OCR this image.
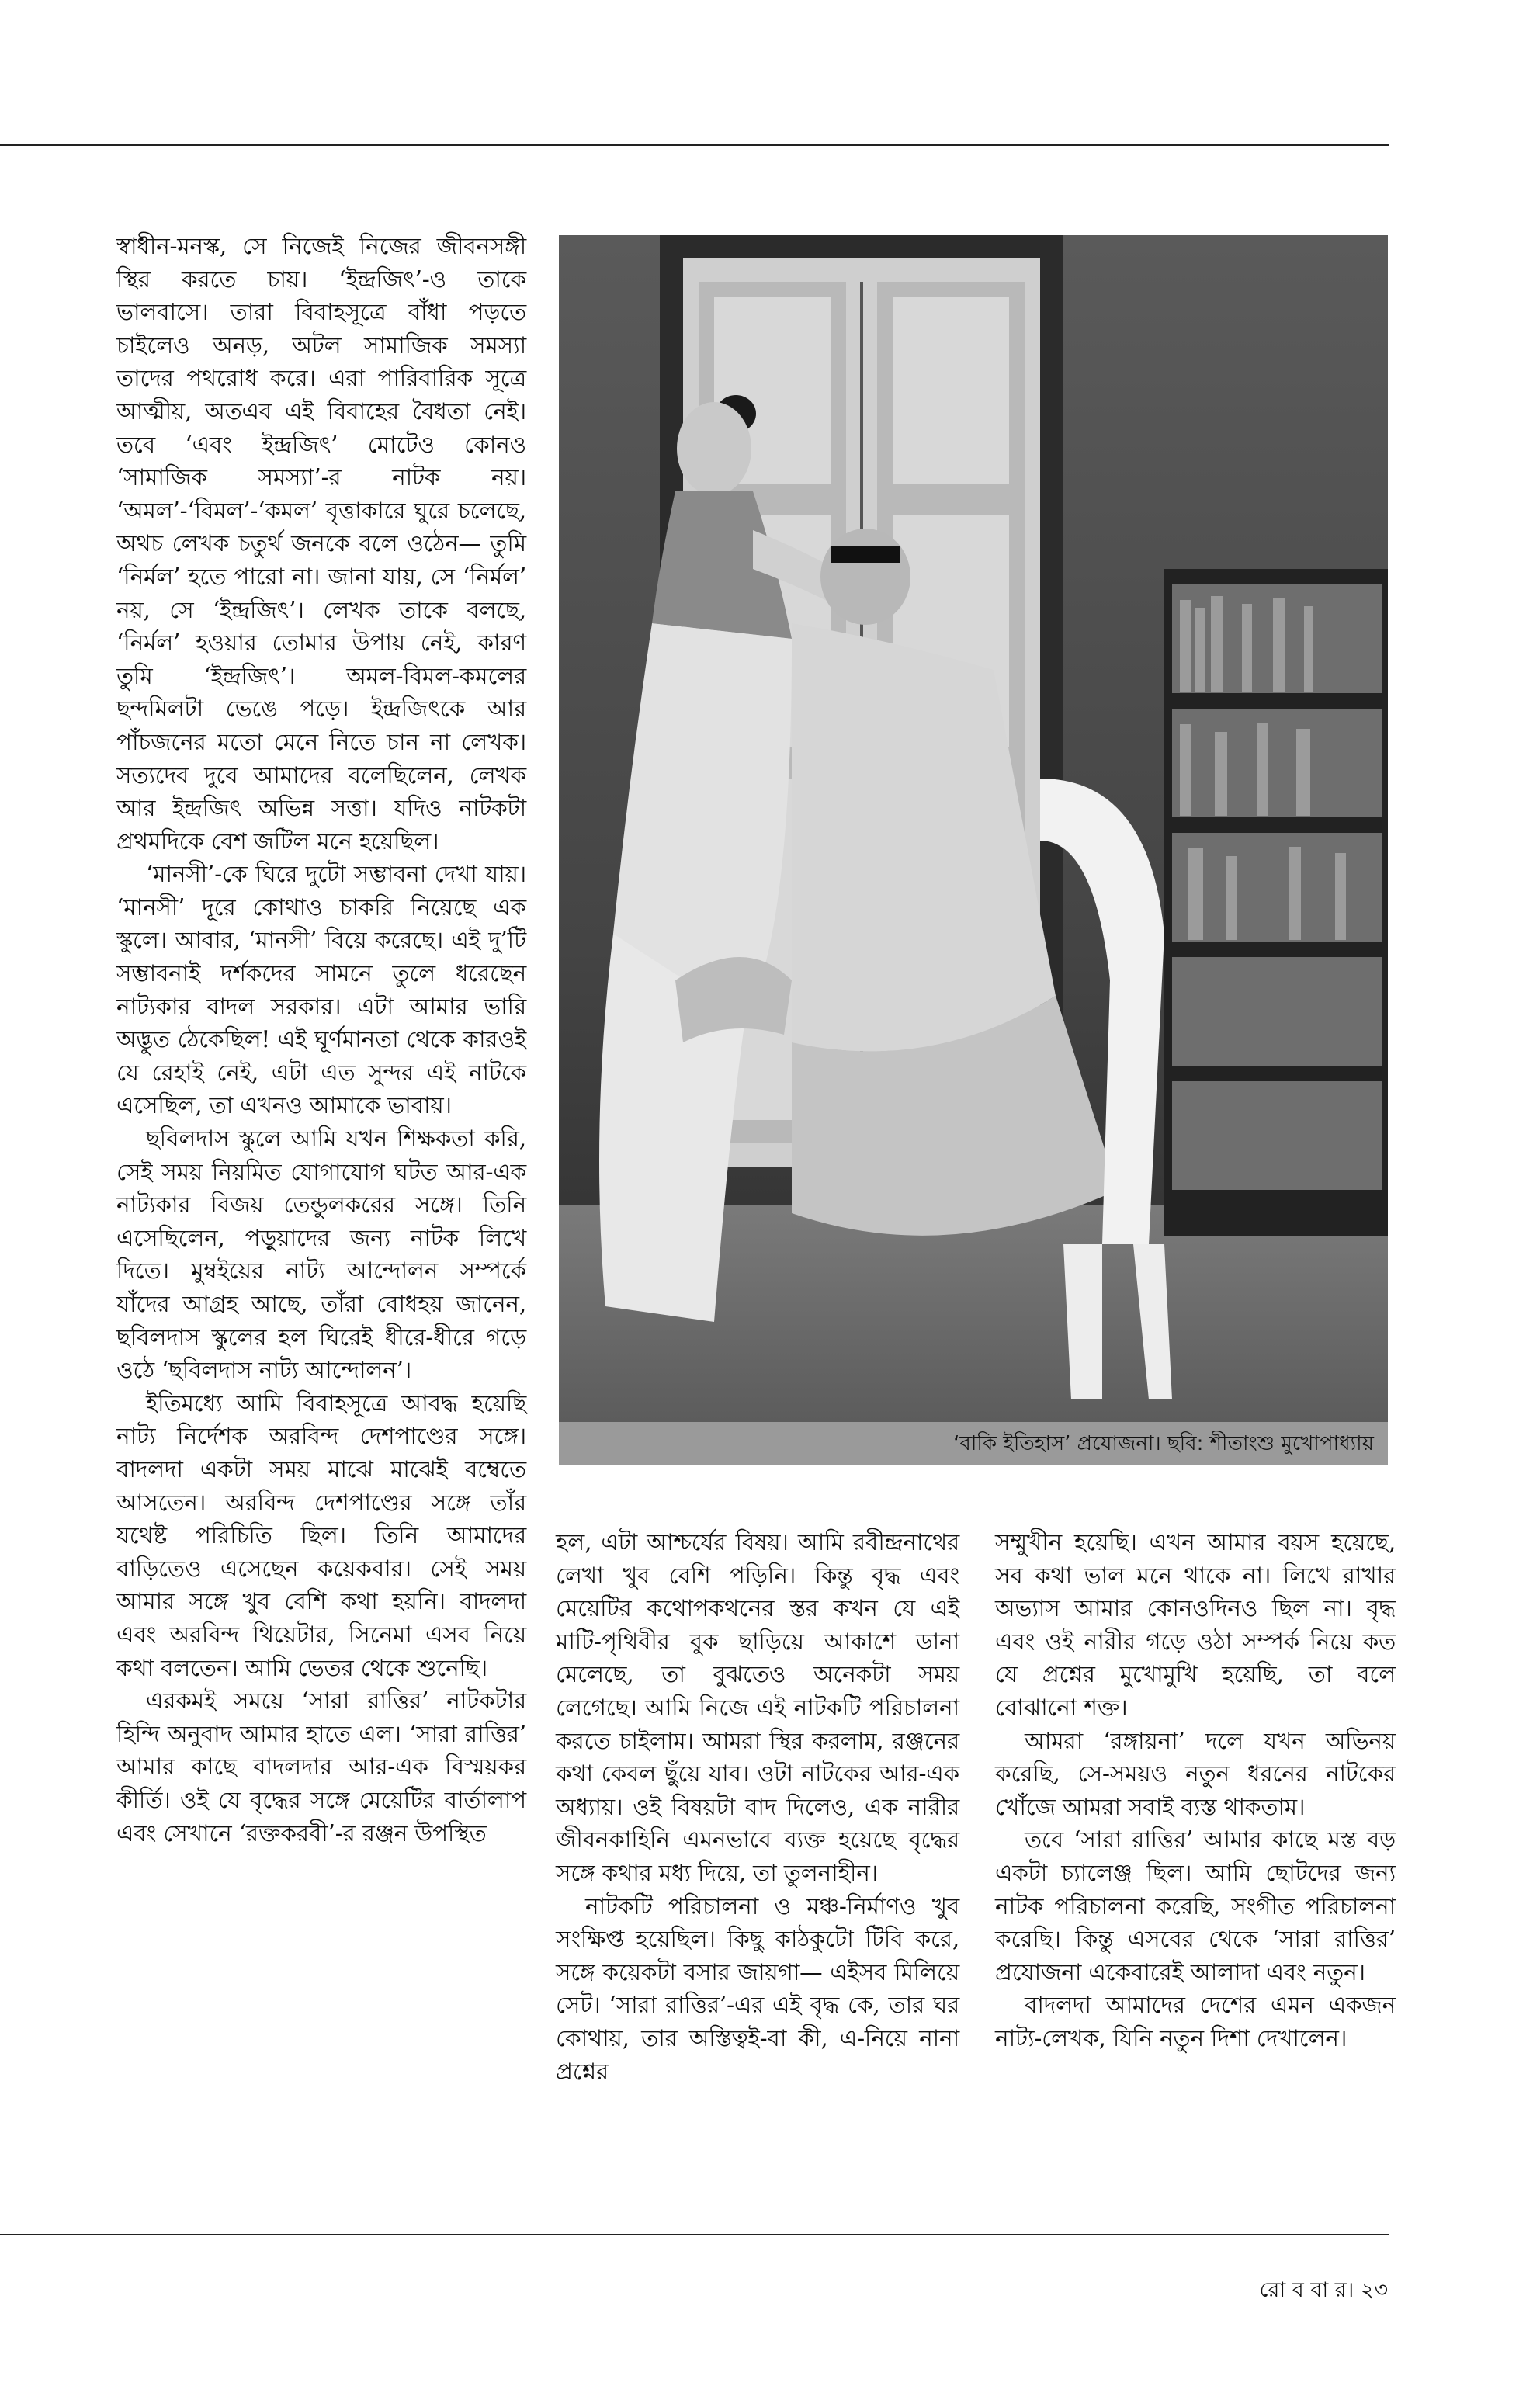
স্বাধীন-মনস্ক, সে নিজেই নিজের জীবনসঙ্গী স্থির করতে চায়। ‘ইন্দ্রজিৎ’-ও তাকে ভালবাসে। তারা বিবাহসূত্রে বাঁধা পড়তে চাইলেও অনড়, অটল সামাজিক সমস্যা তাদের পথরোধ করে। এরা পারিবারিক সূত্রে আত্মীয়, অতএব এই বিবাহের বৈধতা নেই। তবে ‘এবং ইন্দ্রজিৎ’ মোটেও কোনও ‘সামাজিক সমস্যা’-র নাটক নয়। ‘অমল’-‘বিমল’-‘কমল’ বৃত্তাকারে ঘুরে চলেছে, অথচ লেখক চতুর্থ জনকে বলে ওঠেন— তুমি ‘নির্মল’ হতে পারো না। জানা যায়, সে ‘নির্মল’ নয়, সে ‘ইন্দ্রজিৎ’। লেখক তাকে বলছে, ‘নির্মল’ হওয়ার তোমার উপায় নেই, কারণ তুমি ‘ইন্দ্রজিৎ’। অমল-বিমল-কমলের ছন্দমিলটা ভেঙে পড়ে। ইন্দ্রজিৎকে আর পাঁচজনের মতো মেনে নিতে চান না লেখক। সত্যদেব দুবে আমাদের বলেছিলেন, লেখক আর ইন্দ্রজিৎ অভিন্ন সত্তা। যদিও নাটকটা প্রথমদিকে বেশ জটিল মনে হয়েছিল।

‘মানসী’-কে ঘিরে দুটো সম্ভাবনা দেখা যায়। ‘মানসী’ দূরে কোথাও চাকরি নিয়েছে এক স্কুলে। আবার, ‘মানসী’ বিয়ে করেছে। এই দু’টি সম্ভাবনাই দর্শকদের সামনে তুলে ধরেছেন নাট্যকার বাদল সরকার। এটা আমার ভারি অদ্ভুত ঠেকেছিল! এই ঘূর্ণমানতা থেকে কারওই যে রেহাই নেই, এটা এত সুন্দর এই নাটকে এসেছিল, তা এখনও আমাকে ভাবায়।

ছবিলদাস স্কুলে আমি যখন শিক্ষকতা করি, সেই সময় নিয়মিত যোগাযোগ ঘটত আর-এক নাট্যকার বিজয় তেন্ডুলকরের সঙ্গে। তিনি এসেছিলেন, পড়ুয়াদের জন্য নাটক লিখে দিতে। মুম্বইয়ের নাট্য আন্দোলন সম্পর্কে যাঁদের আগ্রহ আছে, তাঁরা বোধহয় জানেন, ছবিলদাস স্কুলের হল ঘিরেই ধীরে-ধীরে গড়ে ওঠে ‘ছবিলদাস নাট্য আন্দোলন’।

ইতিমধ্যে আমি বিবাহসূত্রে আবদ্ধ হয়েছি নাট্য নির্দেশক অরবিন্দ দেশপাণ্ডের সঙ্গে। বাদলদা একটা সময় মাঝে মাঝেই বম্বেতে আসতেন। অরবিন্দ দেশপাণ্ডের সঙ্গে তাঁর যথেষ্ট পরিচিতি ছিল। তিনি আমাদের বাড়িতেও এসেছেন কয়েকবার। সেই সময় আমার সঙ্গে খুব বেশি কথা হয়নি। বাদলদা এবং অরবিন্দ থিয়েটার, সিনেমা এসব নিয়ে কথা বলতেন। আমি ভেতর থেকে শুনেছি।

এরকমই সময়ে ‘সারা রাত্তির’ নাটকটার হিন্দি অনুবাদ আমার হাতে এল। ‘সারা রাত্তির’ আমার কাছে বাদলদার আর-এক বিস্ময়কর কীর্তি। ওই যে বৃদ্ধের সঙ্গে মেয়েটির বার্তালাপ এবং সেখানে ‘রক্তকরবী’-র রঞ্জন উপস্থিত

‘বাকি ইতিহাস’ প্রযোজনা। ছবি: শীতাংশু মুখোপাধ্যায়

হল, এটা আশ্চর্যের বিষয়। আমি রবীন্দ্রনাথের লেখা খুব বেশি পড়িনি। কিন্তু বৃদ্ধ এবং মেয়েটির কথোপকথনের স্তর কখন যে এই মাটি-পৃথিবীর বুক ছাড়িয়ে আকাশে ডানা মেলেছে, তা বুঝতেও অনেকটা সময় লেগেছে। আমি নিজে এই নাটকটি পরিচালনা করতে চাইলাম। আমরা স্থির করলাম, রঞ্জনের কথা কেবল ছুঁয়ে যাব। ওটা নাটকের আর-এক অধ্যায়। ওই বিষয়টা বাদ দিলেও, এক নারীর জীবনকাহিনি এমনভাবে ব্যক্ত হয়েছে বৃদ্ধের সঙ্গে কথার মধ্য দিয়ে, তা তুলনাহীন।

নাটকটি পরিচালনা ও মঞ্চ-নির্মাণও খুব সংক্ষিপ্ত হয়েছিল। কিছু কাঠকুটো টিবি করে, সঙ্গে কয়েকটা বসার জায়গা— এইসব মিলিয়ে সেট। ‘সারা রাত্তির’-এর এই বৃদ্ধ কে, তার ঘর কোথায়, তার অস্তিত্বই-বা কী, এ-নিয়ে নানা প্রশ্নের

সম্মুখীন হয়েছি। এখন আমার বয়স হয়েছে, সব কথা ভাল মনে থাকে না। লিখে রাখার অভ্যাস আমার কোনওদিনও ছিল না। বৃদ্ধ এবং ওই নারীর গড়ে ওঠা সম্পর্ক নিয়ে কত যে প্রশ্নের মুখোমুখি হয়েছি, তা বলে বোঝানো শক্ত।

আমরা ‘রঙ্গায়না’ দলে যখন অভিনয় করেছি, সে-সময়ও নতুন ধরনের নাটকের খোঁজে আমরা সবাই ব্যস্ত থাকতাম।

তবে ‘সারা রাত্তির’ আমার কাছে মস্ত বড় একটা চ্যালেঞ্জ ছিল। আমি ছোটদের জন্য নাটক পরিচালনা করেছি, সংগীত পরিচালনা করেছি। কিন্তু এসবের থেকে ‘সারা রাত্তির’ প্রযোজনা একেবারেই আলাদা এবং নতুন।

বাদলদা আমাদের দেশের এমন একজন নাট্য-লেখক, যিনি নতুন দিশা দেখালেন।

রো ব বা র। ২৩
